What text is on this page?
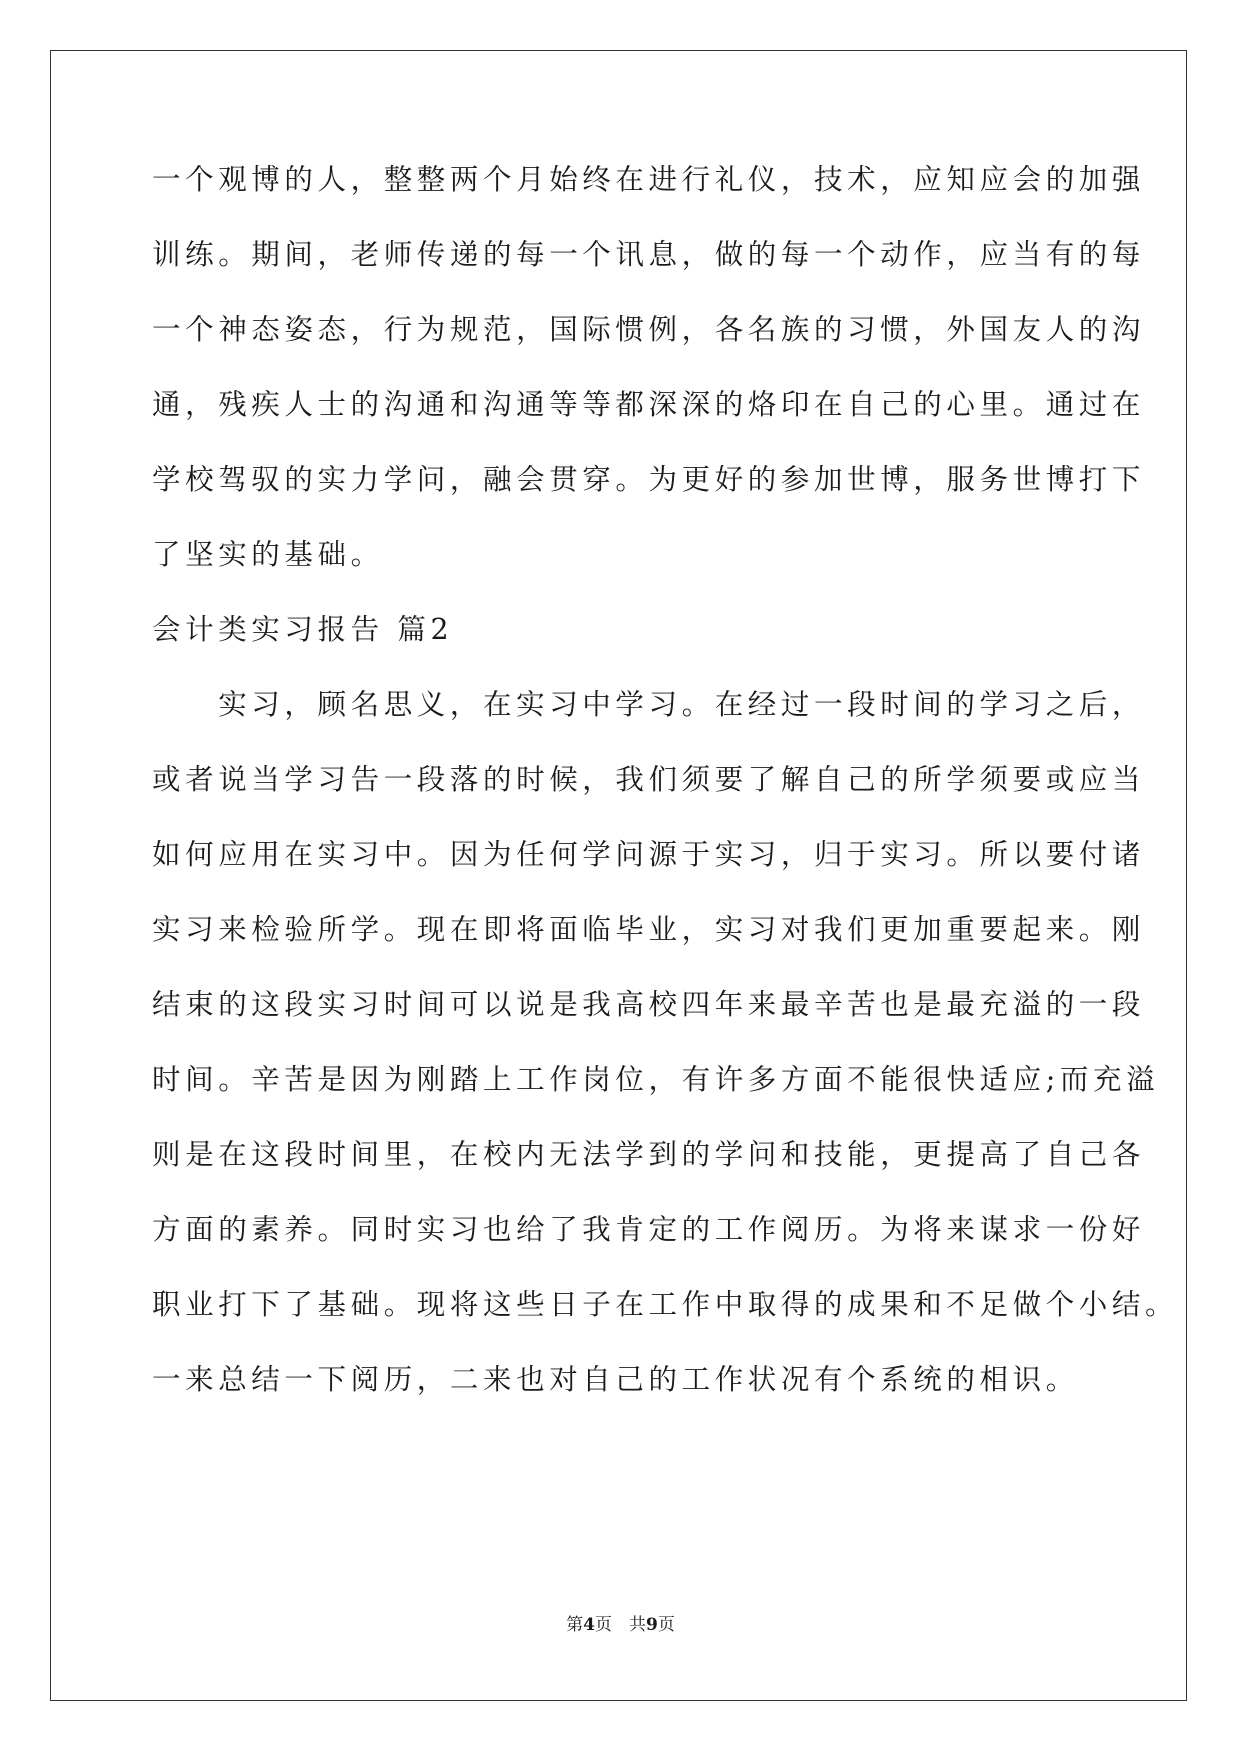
一个观博的人，整整两个月始终在进行礼仪，技术，应知应会的加强
训练。期间，老师传递的每一个讯息，做的每一个动作，应当有的每
一个神态姿态，行为规范，国际惯例，各名族的习惯，外国友人的沟
通，残疾人士的沟通和沟通等等都深深的烙印在自己的心里。通过在
学校驾驭的实力学问，融会贯穿。为更好的参加世博，服务世博打下
了坚实的基础。
会计类实习报告 篇2
　　实习，顾名思义，在实习中学习。在经过一段时间的学习之后，
或者说当学习告一段落的时候，我们须要了解自己的所学须要或应当
如何应用在实习中。因为任何学问源于实习，归于实习。所以要付诸
实习来检验所学。现在即将面临毕业，实习对我们更加重要起来。刚
结束的这段实习时间可以说是我高校四年来最辛苦也是最充溢的一段
时间。辛苦是因为刚踏上工作岗位，有许多方面不能很快适应;而充溢
则是在这段时间里，在校内无法学到的学问和技能，更提高了自己各
方面的素养。同时实习也给了我肯定的工作阅历。为将来谋求一份好
职业打下了基础。现将这些日子在工作中取得的成果和不足做个小结。
一来总结一下阅历，二来也对自己的工作状况有个系统的相识。
第4页　共9页
